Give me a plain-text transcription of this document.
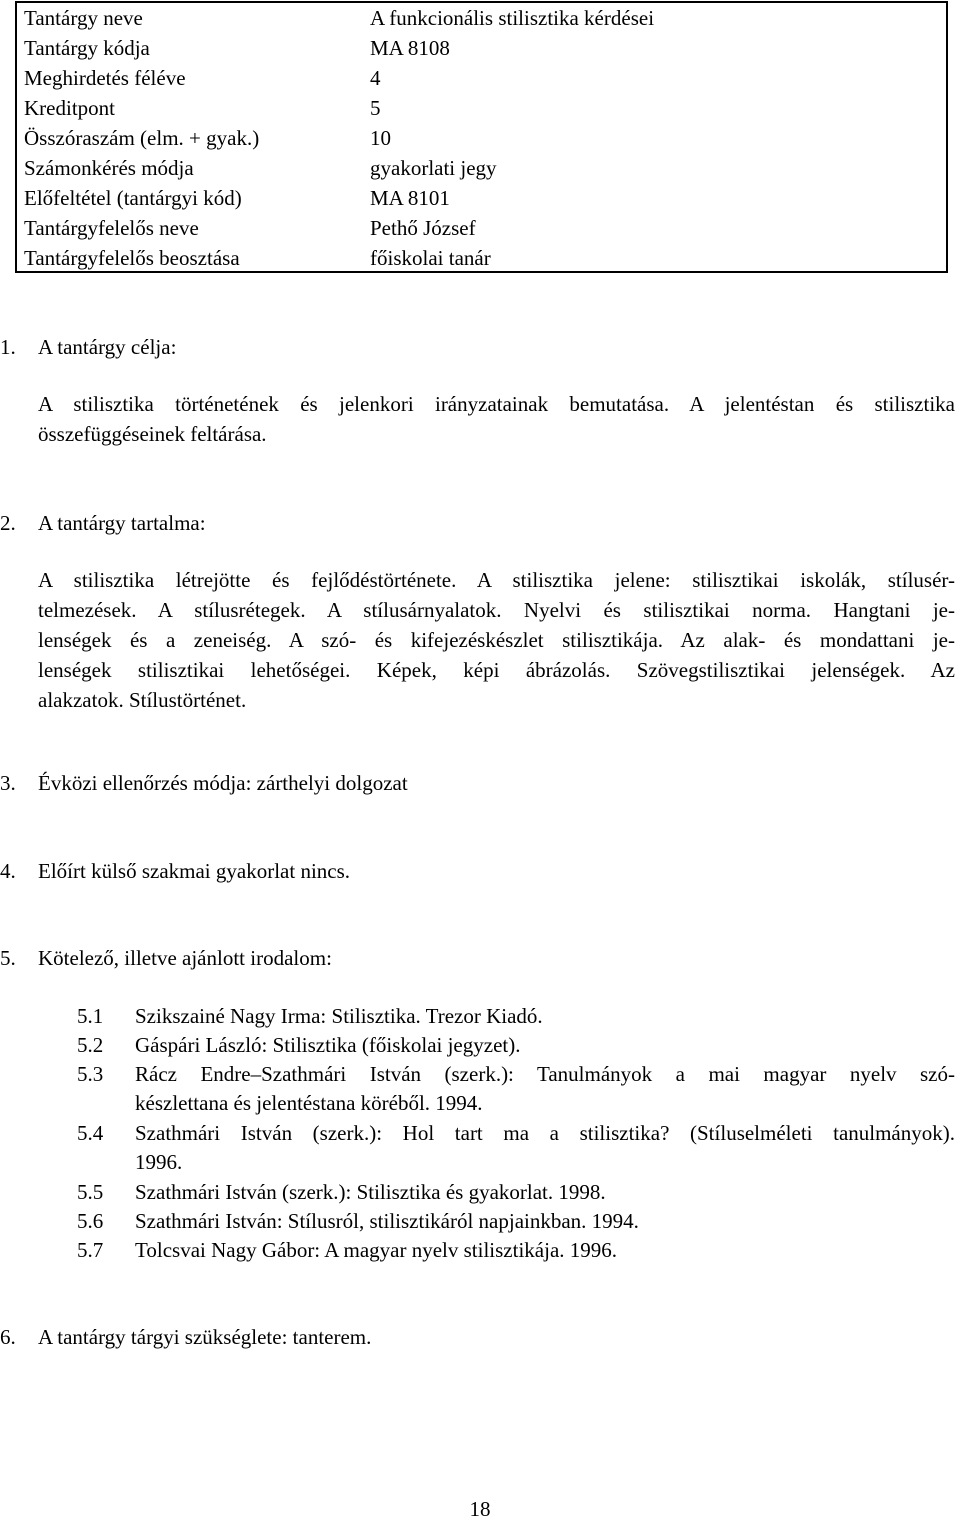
Tantárgy neve	A funkcionális stilisztika kérdései
Tantárgy kódja	MA 8108
Meghirdetés féléve	4
Kreditpont	5
Összóraszám (elm. + gyak.)	10
Számonkérés módja	gyakorlati jegy
Előfeltétel (tantárgyi kód)	MA 8101
Tantárgyfelelős neve	Pethő József
Tantárgyfelelős beosztása	főiskolai tanár
1. A tantárgy célja:
A stilisztika történetének és jelenkori irányzatainak bemutatása. A jelentéstan és stilisztika
összefüggéseinek feltárása.
2. A tantárgy tartalma:
A stilisztika létrejötte és fejlődéstörténete. A stilisztika jelene: stilisztikai iskolák, stílusér-
telmezések. A stílusrétegek. A stílusárnyalatok. Nyelvi és stilisztikai norma. Hangtani je-
lenségek és a zeneiség. A szó- és kifejezéskészlet stilisztikája. Az alak- és mondattani je-
lenségek stilisztikai lehetőségei. Képek, képi ábrázolás. Szövegstilisztikai jelenségek. Az
alakzatok. Stílustörténet.
3. Évközi ellenőrzés módja: zárthelyi dolgozat
4. Előírt külső szakmai gyakorlat nincs.
5. Kötelező, illetve ajánlott irodalom:
5.1 Szikszainé Nagy Irma: Stilisztika. Trezor Kiadó.
5.2 Gáspári László: Stilisztika (főiskolai jegyzet).
5.3 Rácz Endre–Szathmári István (szerk.): Tanulmányok a mai magyar nyelv szó-
készlettana és jelentéstana köréből. 1994.
5.4 Szathmári István (szerk.): Hol tart ma a stilisztika? (Stíluselméleti tanulmányok).
1996.
5.5 Szathmári István (szerk.): Stilisztika és gyakorlat. 1998.
5.6 Szathmári István: Stílusról, stilisztikáról napjainkban. 1994.
5.7 Tolcsvai Nagy Gábor: A magyar nyelv stilisztikája. 1996.
6. A tantárgy tárgyi szükséglete: tanterem.
18
